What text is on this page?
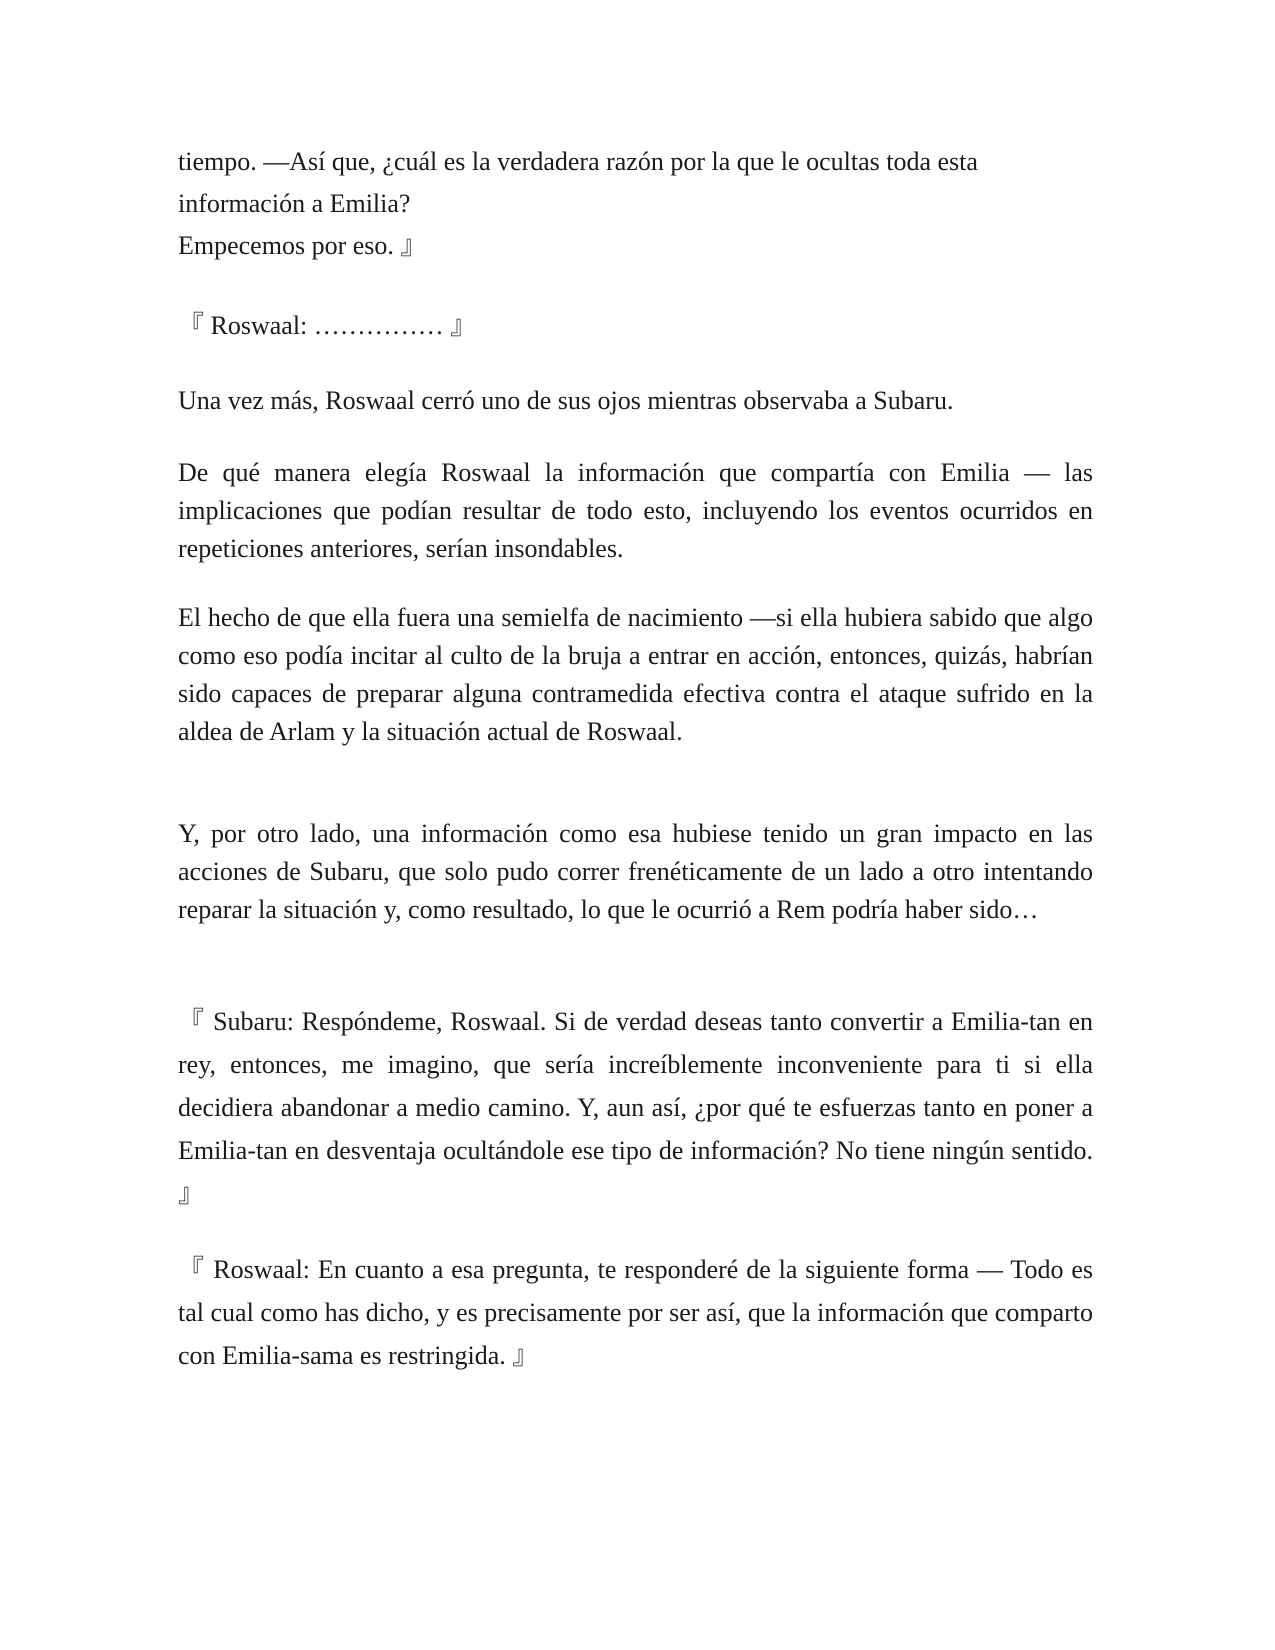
tiempo. —Así que, ¿cuál es la verdadera razón por la que le ocultas toda esta
información a Emilia?
Empecemos por eso. 』

『 Roswaal: …………… 』

Una vez más, Roswaal cerró uno de sus ojos mientras observaba a Subaru.

De qué manera elegía Roswaal la información que compartía con Emilia — las implicaciones que podían resultar de todo esto, incluyendo los eventos ocurridos en repeticiones anteriores, serían insondables.

El hecho de que ella fuera una semielfa de nacimiento —si ella hubiera sabido que algo como eso podía incitar al culto de la bruja a entrar en acción, entonces, quizás, habrían sido capaces de preparar alguna contramedida efectiva contra el ataque sufrido en la aldea de Arlam y la situación actual de Roswaal.

Y, por otro lado, una información como esa hubiese tenido un gran impacto en las acciones de Subaru, que solo pudo correr frenéticamente de un lado a otro intentando reparar la situación y, como resultado, lo que le ocurrió a Rem podría haber sido…

『 Subaru: Respóndeme, Roswaal. Si de verdad deseas tanto convertir a Emilia-tan en rey, entonces, me imagino, que sería increíblemente inconveniente para ti si ella decidiera abandonar a medio camino. Y, aun así, ¿por qué te esfuerzas tanto en poner a Emilia-tan en desventaja ocultándole ese tipo de información? No tiene ningún sentido. 』

『 Roswaal: En cuanto a esa pregunta, te responderé de la siguiente forma — Todo es tal cual como has dicho, y es precisamente por ser así, que la información que comparto con Emilia-sama es restringida. 』
